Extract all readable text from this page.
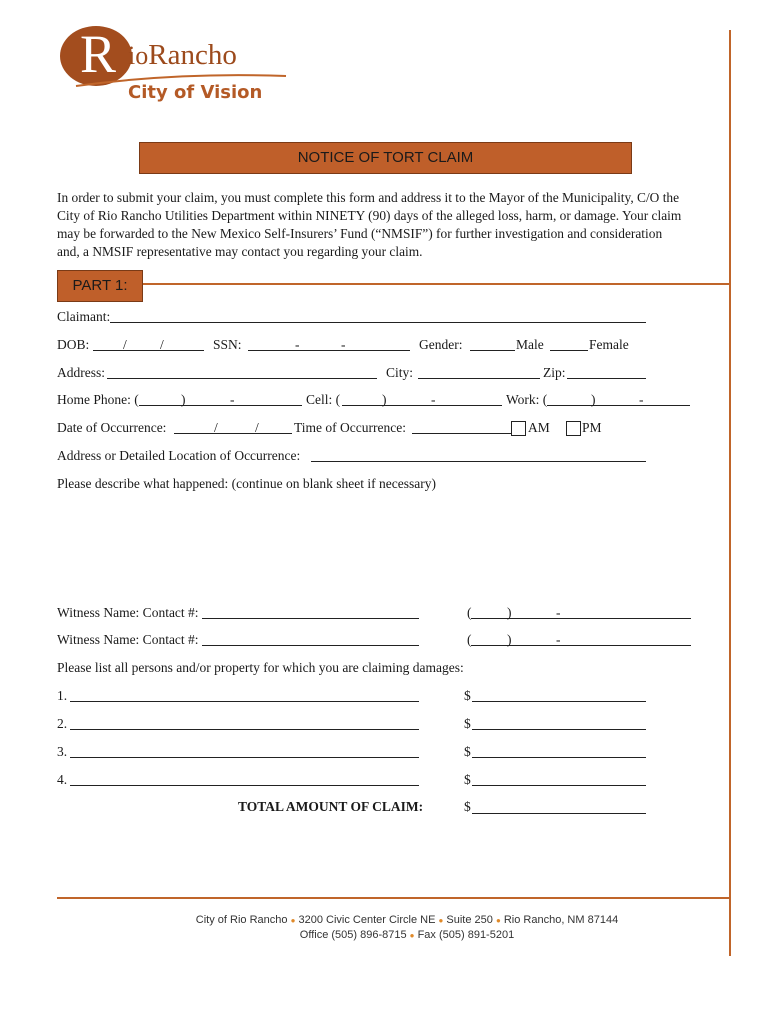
R ioRancho
City of Vision
NOTICE OF TORT CLAIM
In order to submit your claim, you must complete this form and address it to the Mayor of the Municipality, C/O the
City of Rio Rancho Utilities Department within NINETY (90) days of the alleged loss, harm, or damage. Your claim
may be forwarded to the New Mexico Self-Insurers’ Fund (“NMSIF”) for further investigation and consideration
and, a NMSIF representative may contact you regarding your claim.
PART 1:
Claimant:
DOB: / /	SSN:	-	-	Gender:	Male	Female
Address:	City:	Zip:
Home Phone: (	)	-	Cell: (	)	-	Work: (	)	-
Date of Occurrence:	/	/	Time of Occurrence:	AM PM
Address or Detailed Location of Occurrence:
Please describe what happened: (continue on blank sheet if necessary)
Witness Name: Contact #:	(	)	-
Witness Name: Contact #:	(	)	-
Please list all persons and/or property for which you are claiming damages:
1.	$
2.	$
3.	$
4.	$
TOTAL AMOUNT OF CLAIM:	$
City of Rio Rancho ● 3200 Civic Center Circle NE ● Suite 250 ● Rio Rancho, NM 87144
Office (505) 896-8715 ● Fax (505) 891-5201
